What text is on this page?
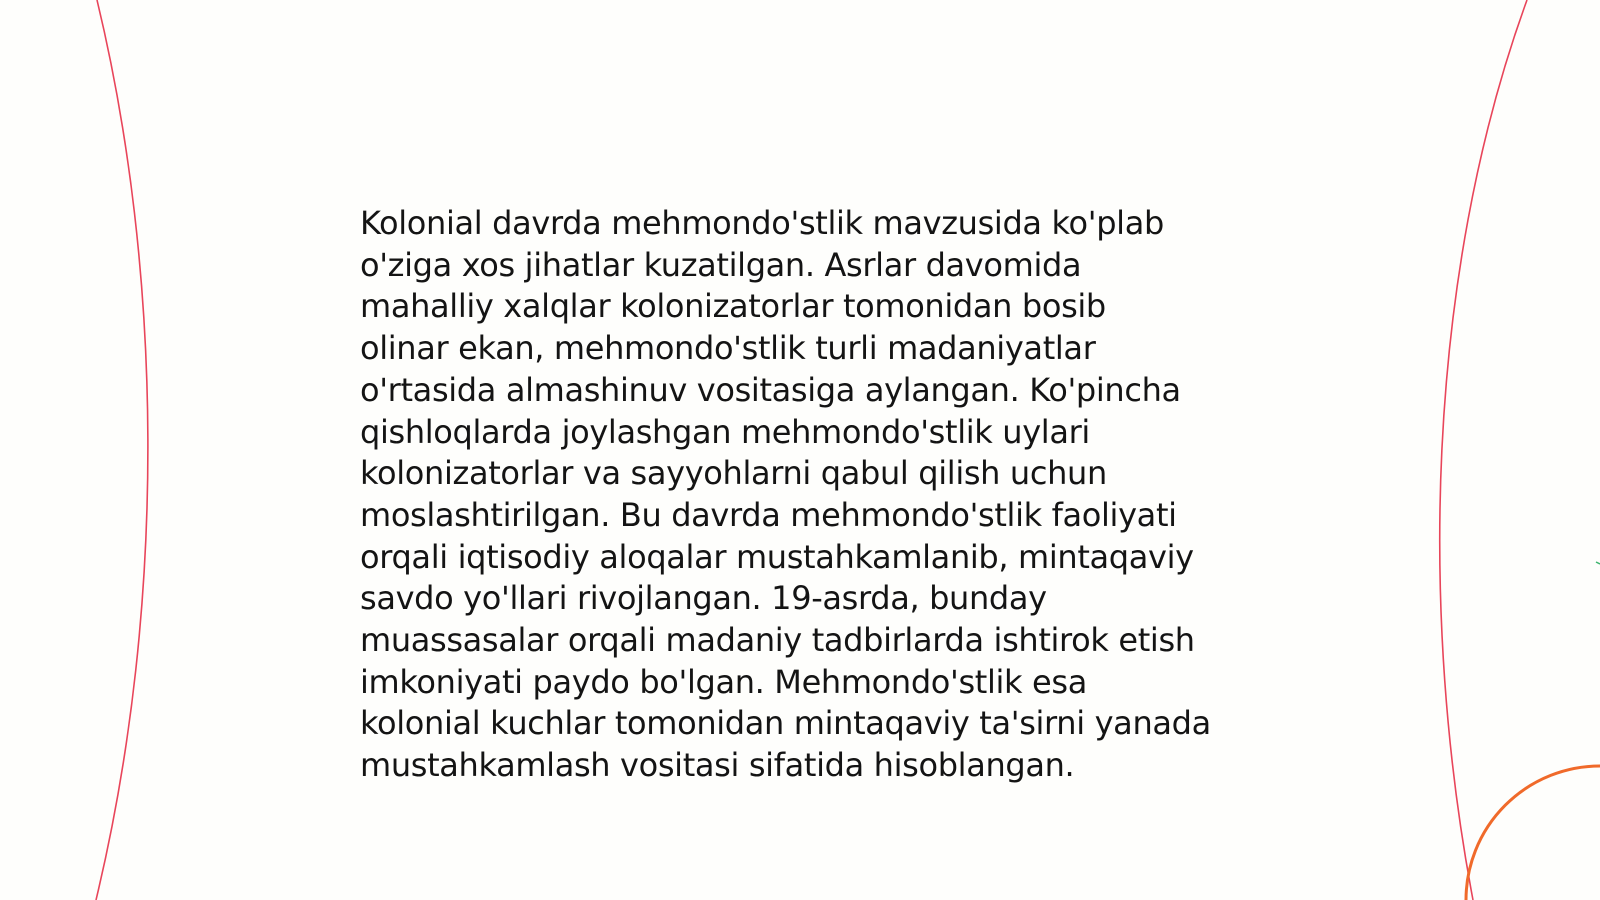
Kolonial davrda mehmondo'stlik mavzusida ko'plab
o'ziga xos jihatlar kuzatilgan. Asrlar davomida
mahalliy xalqlar kolonizatorlar tomonidan bosib
olinar ekan, mehmondo'stlik turli madaniyatlar
o'rtasida almashinuv vositasiga aylangan. Ko'pincha
qishloqlarda joylashgan mehmondo'stlik uylari
kolonizatorlar va sayyohlarni qabul qilish uchun
moslashtirilgan. Bu davrda mehmondo'stlik faoliyati
orqali iqtisodiy aloqalar mustahkamlanib, mintaqaviy
savdo yo'llari rivojlangan. 19-asrda, bunday
muassasalar orqali madaniy tadbirlarda ishtirok etish
imkoniyati paydo bo'lgan. Mehmondo'stlik esa
kolonial kuchlar tomonidan mintaqaviy ta'sirni yanada
mustahkamlash vositasi sifatida hisoblangan.
